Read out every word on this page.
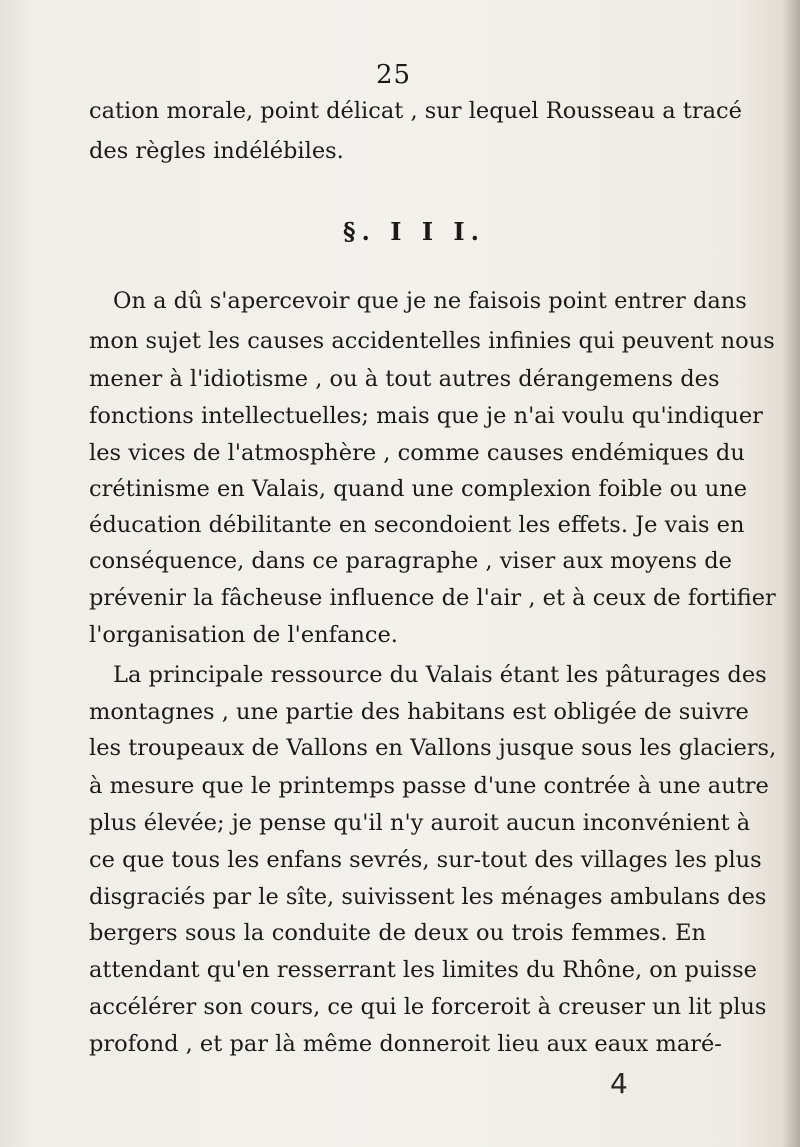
25
cation morale, point délicat , sur lequel Rousseau a tracé
des règles indélébiles.
§. I I I.
On a dû s'apercevoir que je ne faisois point entrer dans
mon sujet les causes accidentelles infinies qui peuvent nous
mener à l'idiotisme , ou à tout autres dérangemens des
fonctions intellectuelles; mais que je n'ai voulu qu'indiquer
les vices de l'atmosphère , comme causes endémiques du
crétinisme en Valais, quand une complexion foible ou une
éducation débilitante en secondoient les effets. Je vais en
conséquence, dans ce paragraphe , viser aux moyens de
prévenir la fâcheuse influence de l'air , et à ceux de fortifier
l'organisation de l'enfance.
La principale ressource du Valais étant les pâturages des
montagnes , une partie des habitans est obligée de suivre
les troupeaux de Vallons en Vallons jusque sous les glaciers,
à mesure que le printemps passe d'une contrée à une autre
plus élevée; je pense qu'il n'y auroit aucun inconvénient à
ce que tous les enfans sevrés, sur-tout des villages les plus
disgraciés par le sîte, suivissent les ménages ambulans des
bergers sous la conduite de deux ou trois femmes. En
attendant qu'en resserrant les limites du Rhône, on puisse
accélérer son cours, ce qui le forceroit à creuser un lit plus
profond , et par là même donneroit lieu aux eaux maré-
4
